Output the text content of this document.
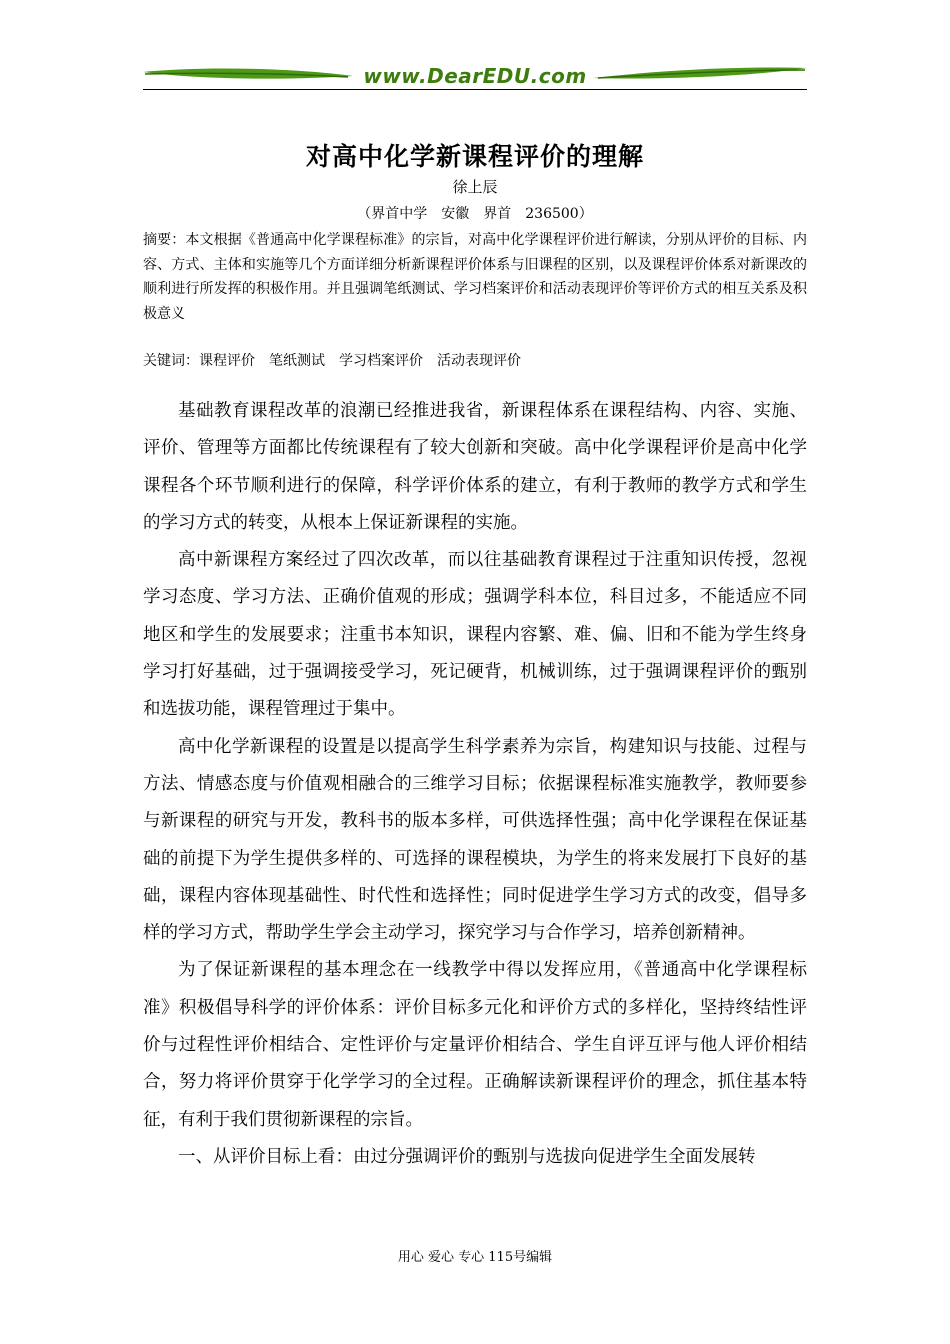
www.DearEDU.com
对高中化学新课程评价的理解
徐上辰
（界首中学　安徽　界首　236500）
摘要：本文根据《普通高中化学课程标准》的宗旨，对高中化学课程评价进行解读，分别从评价的目标、内容、方式、主体和实施等几个方面详细分析新课程评价体系与旧课程的区别，以及课程评价体系对新课改的顺利进行所发挥的积极作用。并且强调笔纸测试、学习档案评价和活动表现评价等评价方式的相互关系及积极意义
关键词：课程评价 笔纸测试 学习档案评价 活动表现评价

基础教育课程改革的浪潮已经推进我省，新课程体系在课程结构、内容、实施、评价、管理等方面都比传统课程有了较大创新和突破。高中化学课程评价是高中化学课程各个环节顺利进行的保障，科学评价体系的建立，有利于教师的教学方式和学生的学习方式的转变，从根本上保证新课程的实施。

高中新课程方案经过了四次改革，而以往基础教育课程过于注重知识传授，忽视学习态度、学习方法、正确价值观的形成；强调学科本位，科目过多，不能适应不同地区和学生的发展要求；注重书本知识，课程内容繁、难、偏、旧和不能为学生终身学习打好基础，过于强调接受学习，死记硬背，机械训练，过于强调课程评价的甄别和选拔功能，课程管理过于集中。

高中化学新课程的设置是以提高学生科学素养为宗旨，构建知识与技能、过程与方法、情感态度与价值观相融合的三维学习目标；依据课程标准实施教学，教师要参与新课程的研究与开发，教科书的版本多样，可供选择性强；高中化学课程在保证基础的前提下为学生提供多样的、可选择的课程模块，为学生的将来发展打下良好的基础，课程内容体现基础性、时代性和选择性；同时促进学生学习方式的改变，倡导多样的学习方式，帮助学生学会主动学习，探究学习与合作学习，培养创新精神。

为了保证新课程的基本理念在一线教学中得以发挥应用，《普通高中化学课程标准》积极倡导科学的评价体系：评价目标多元化和评价方式的多样化，坚持终结性评价与过程性评价相结合、定性评价与定量评价相结合、学生自评互评与他人评价相结合，努力将评价贯穿于化学学习的全过程。正确解读新课程评价的理念，抓住基本特征，有利于我们贯彻新课程的宗旨。

一、从评价目标上看：由过分强调评价的甄别与选拔向促进学生全面发展转

用心 爱心 专心 115号编辑
